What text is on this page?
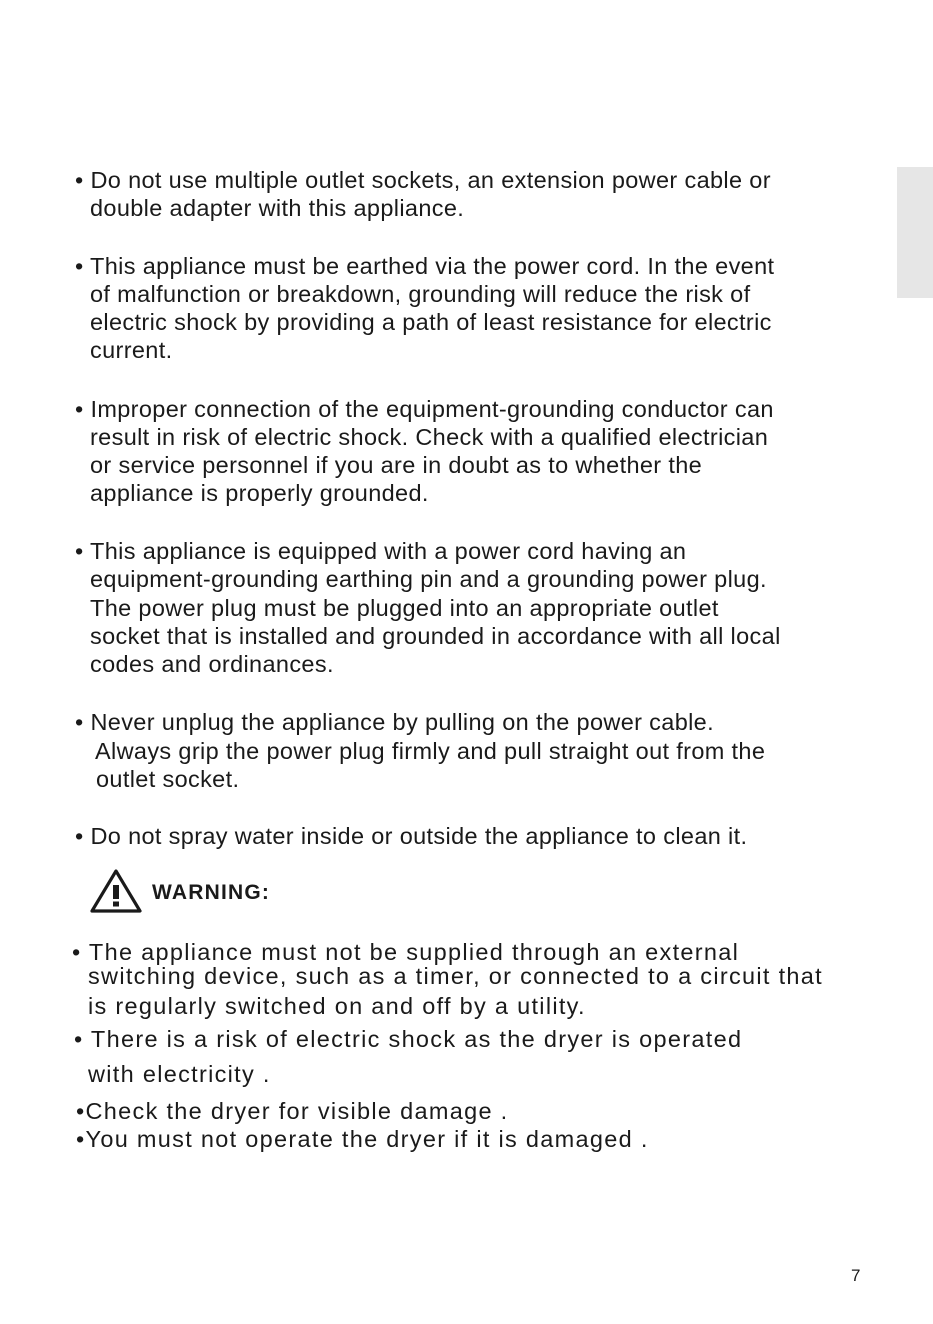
• Do not use multiple outlet sockets, an extension power cable or
double adapter with this appliance.
• This appliance must be earthed via the power cord. In the event
of malfunction or breakdown, grounding will reduce the risk of
electric shock by providing a path of least resistance for electric
current.
• Improper connection of the equipment-grounding conductor can
result in risk of electric shock. Check with a qualified electrician
or service personnel if you are in doubt as to whether the
appliance is properly grounded.
• This appliance is equipped with a power cord having an
equipment-grounding earthing pin and a grounding power plug.
The power plug must be plugged into an appropriate outlet
socket that is installed and grounded in accordance with all local
codes and ordinances.
• Never unplug the appliance by pulling on the power cable.
Always grip the power plug firmly and pull straight out from the
outlet socket.
• Do not spray water inside or outside the appliance to clean it.
WARNING:
• The appliance must not be supplied through an external
switching device, such as a timer, or connected to a circuit that
is regularly switched on and off by a utility.
• There is a risk of electric shock as the dryer is operated
with electricity .
•Check the dryer for visible damage .
•You must not operate the dryer if it is damaged .
7
